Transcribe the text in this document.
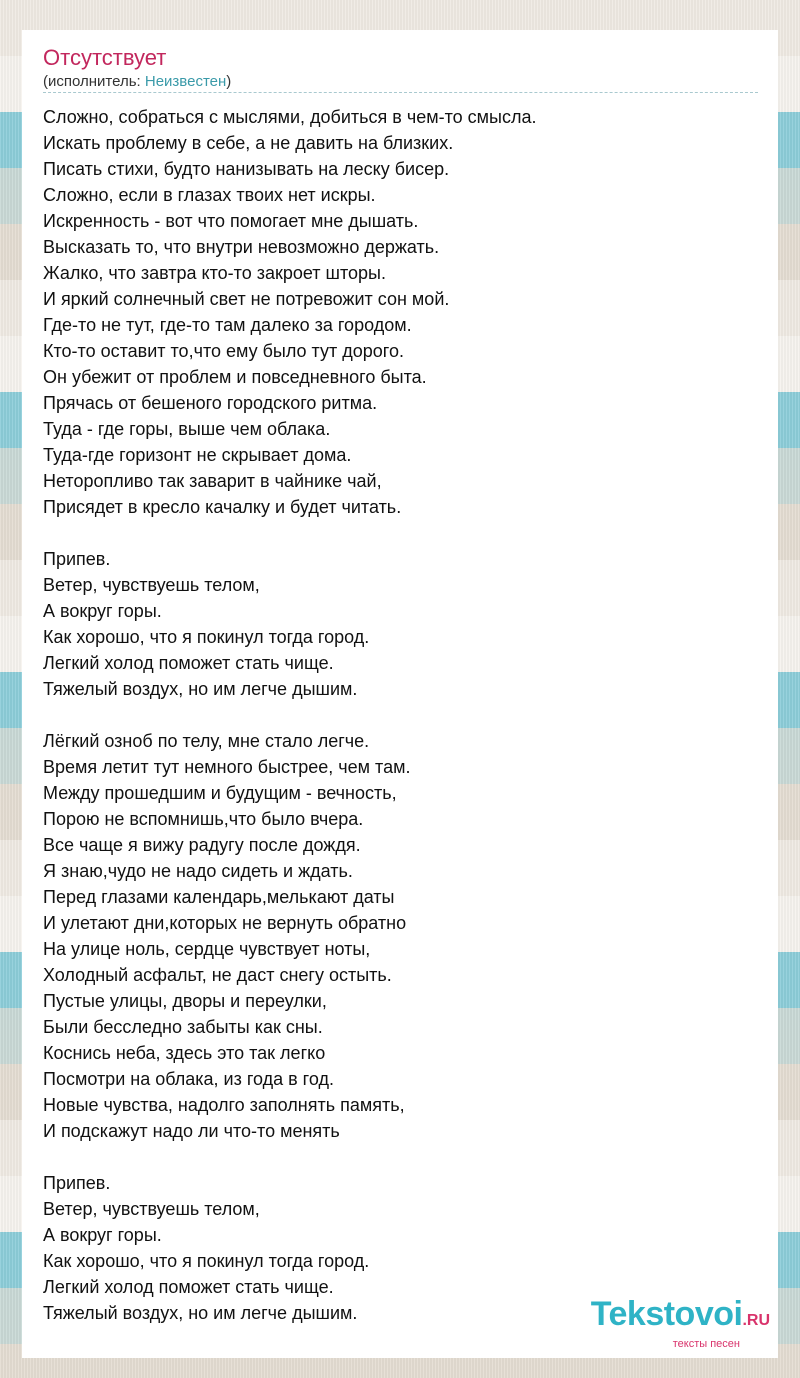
Отсутствует
(исполнитель: Неизвестен)
Сложно, собраться с мыслями, добиться в чем-то смысла.
Искать проблему в себе, а не давить на близких.
Писать стихи, будто нанизывать на леску бисер.
Сложно, если в глазах твоих нет искры.
Искренность - вот что помогает мне дышать.
Высказать то, что внутри невозможно держать.
Жалко, что завтра кто-то закроет шторы.
И яркий солнечный свет не потревожит сон мой.
Где-то не тут, где-то там далеко за городом.
Кто-то оставит то,что ему было тут дорого.
Он убежит от проблем и повседневного быта.
Прячась от бешеного городского ритма.
Туда - где горы, выше чем облака.
Туда-где горизонт не скрывает дома.
Неторопливо так заварит в чайнике чай,
Присядет в кресло качалку и будет читать.
Припев.
Ветер, чувствуешь телом,
А вокруг горы.
Как хорошо, что я покинул тогда город.
Легкий холод поможет стать чище.
Тяжелый воздух, но им легче дышим.
Лёгкий озноб по телу, мне стало легче.
Время летит тут немного быстрее, чем там.
Между прошедшим и будущим - вечность,
Порою не вспомнишь,что было вчера.
Все чаще я вижу радугу после дождя.
Я знаю,чудо не надо сидеть и ждать.
Перед глазами календарь,мелькают даты
И улетают дни,которых не вернуть обратно
На улице ноль, сердце чувствует ноты,
Холодный асфальт, не даст снегу остыть.
Пустые улицы, дворы и переулки,
Были бесследно забыты как сны.
Коснись неба, здесь это так легко
Посмотри на облака, из года в год.
Новые чувства, надолго заполнять память,
И подскажут надо ли что-то менять
Припев.
Ветер, чувствуешь телом,
А вокруг горы.
Как хорошо, что я покинул тогда город.
Легкий холод поможет стать чище.
Тяжелый воздух, но им легче дышим.	Tekstovoi.RU
тексты песен
